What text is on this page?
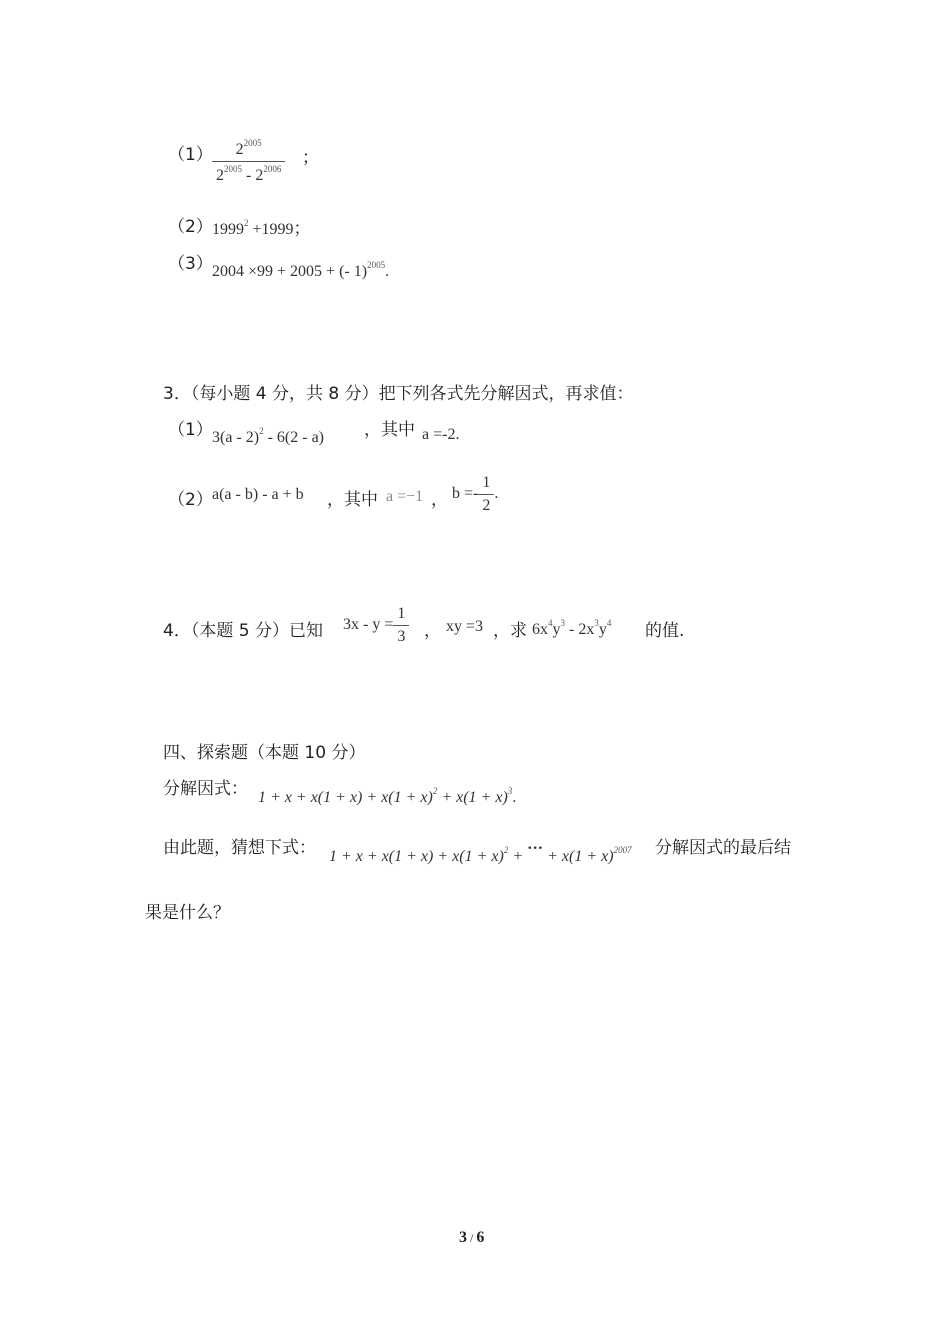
$(1) \frac{2^{2005}}{2^{2005} - 2^{2006}}$ ；
（2） $1999^2 +1999$；
（3） 2004 ×99 + 2005 + (- 1)$^{2005}$.
3．（每小题 4 分，共 8 分）把下列各式先分解因式，再求值：
（1） 3(a - 2)$^2$ - 6(2 - a) ，其中 a =-2.
（2） a(a - b) - a + b ，其中 a =−1 ， $b =- \frac{1}{2}$ .
4．（本题 5 分）已知 $3x - y = \frac{1}{3}$ ， xy =3 ，求 $6x^4y^3 - 2x^3y^4$ 的值.
四、探索题（本题 10 分）
分解因式： $1 + x + x(1 + x) + x(1 + x)^2 + x(1 + x)^3$.
由此题，猜想下式： $1 + x + x(1 + x) + x(1 + x)^2$ + ··· + $x(1 + x)^{2007}$ 分解因式的最后结
果是什么？
3 / 6
